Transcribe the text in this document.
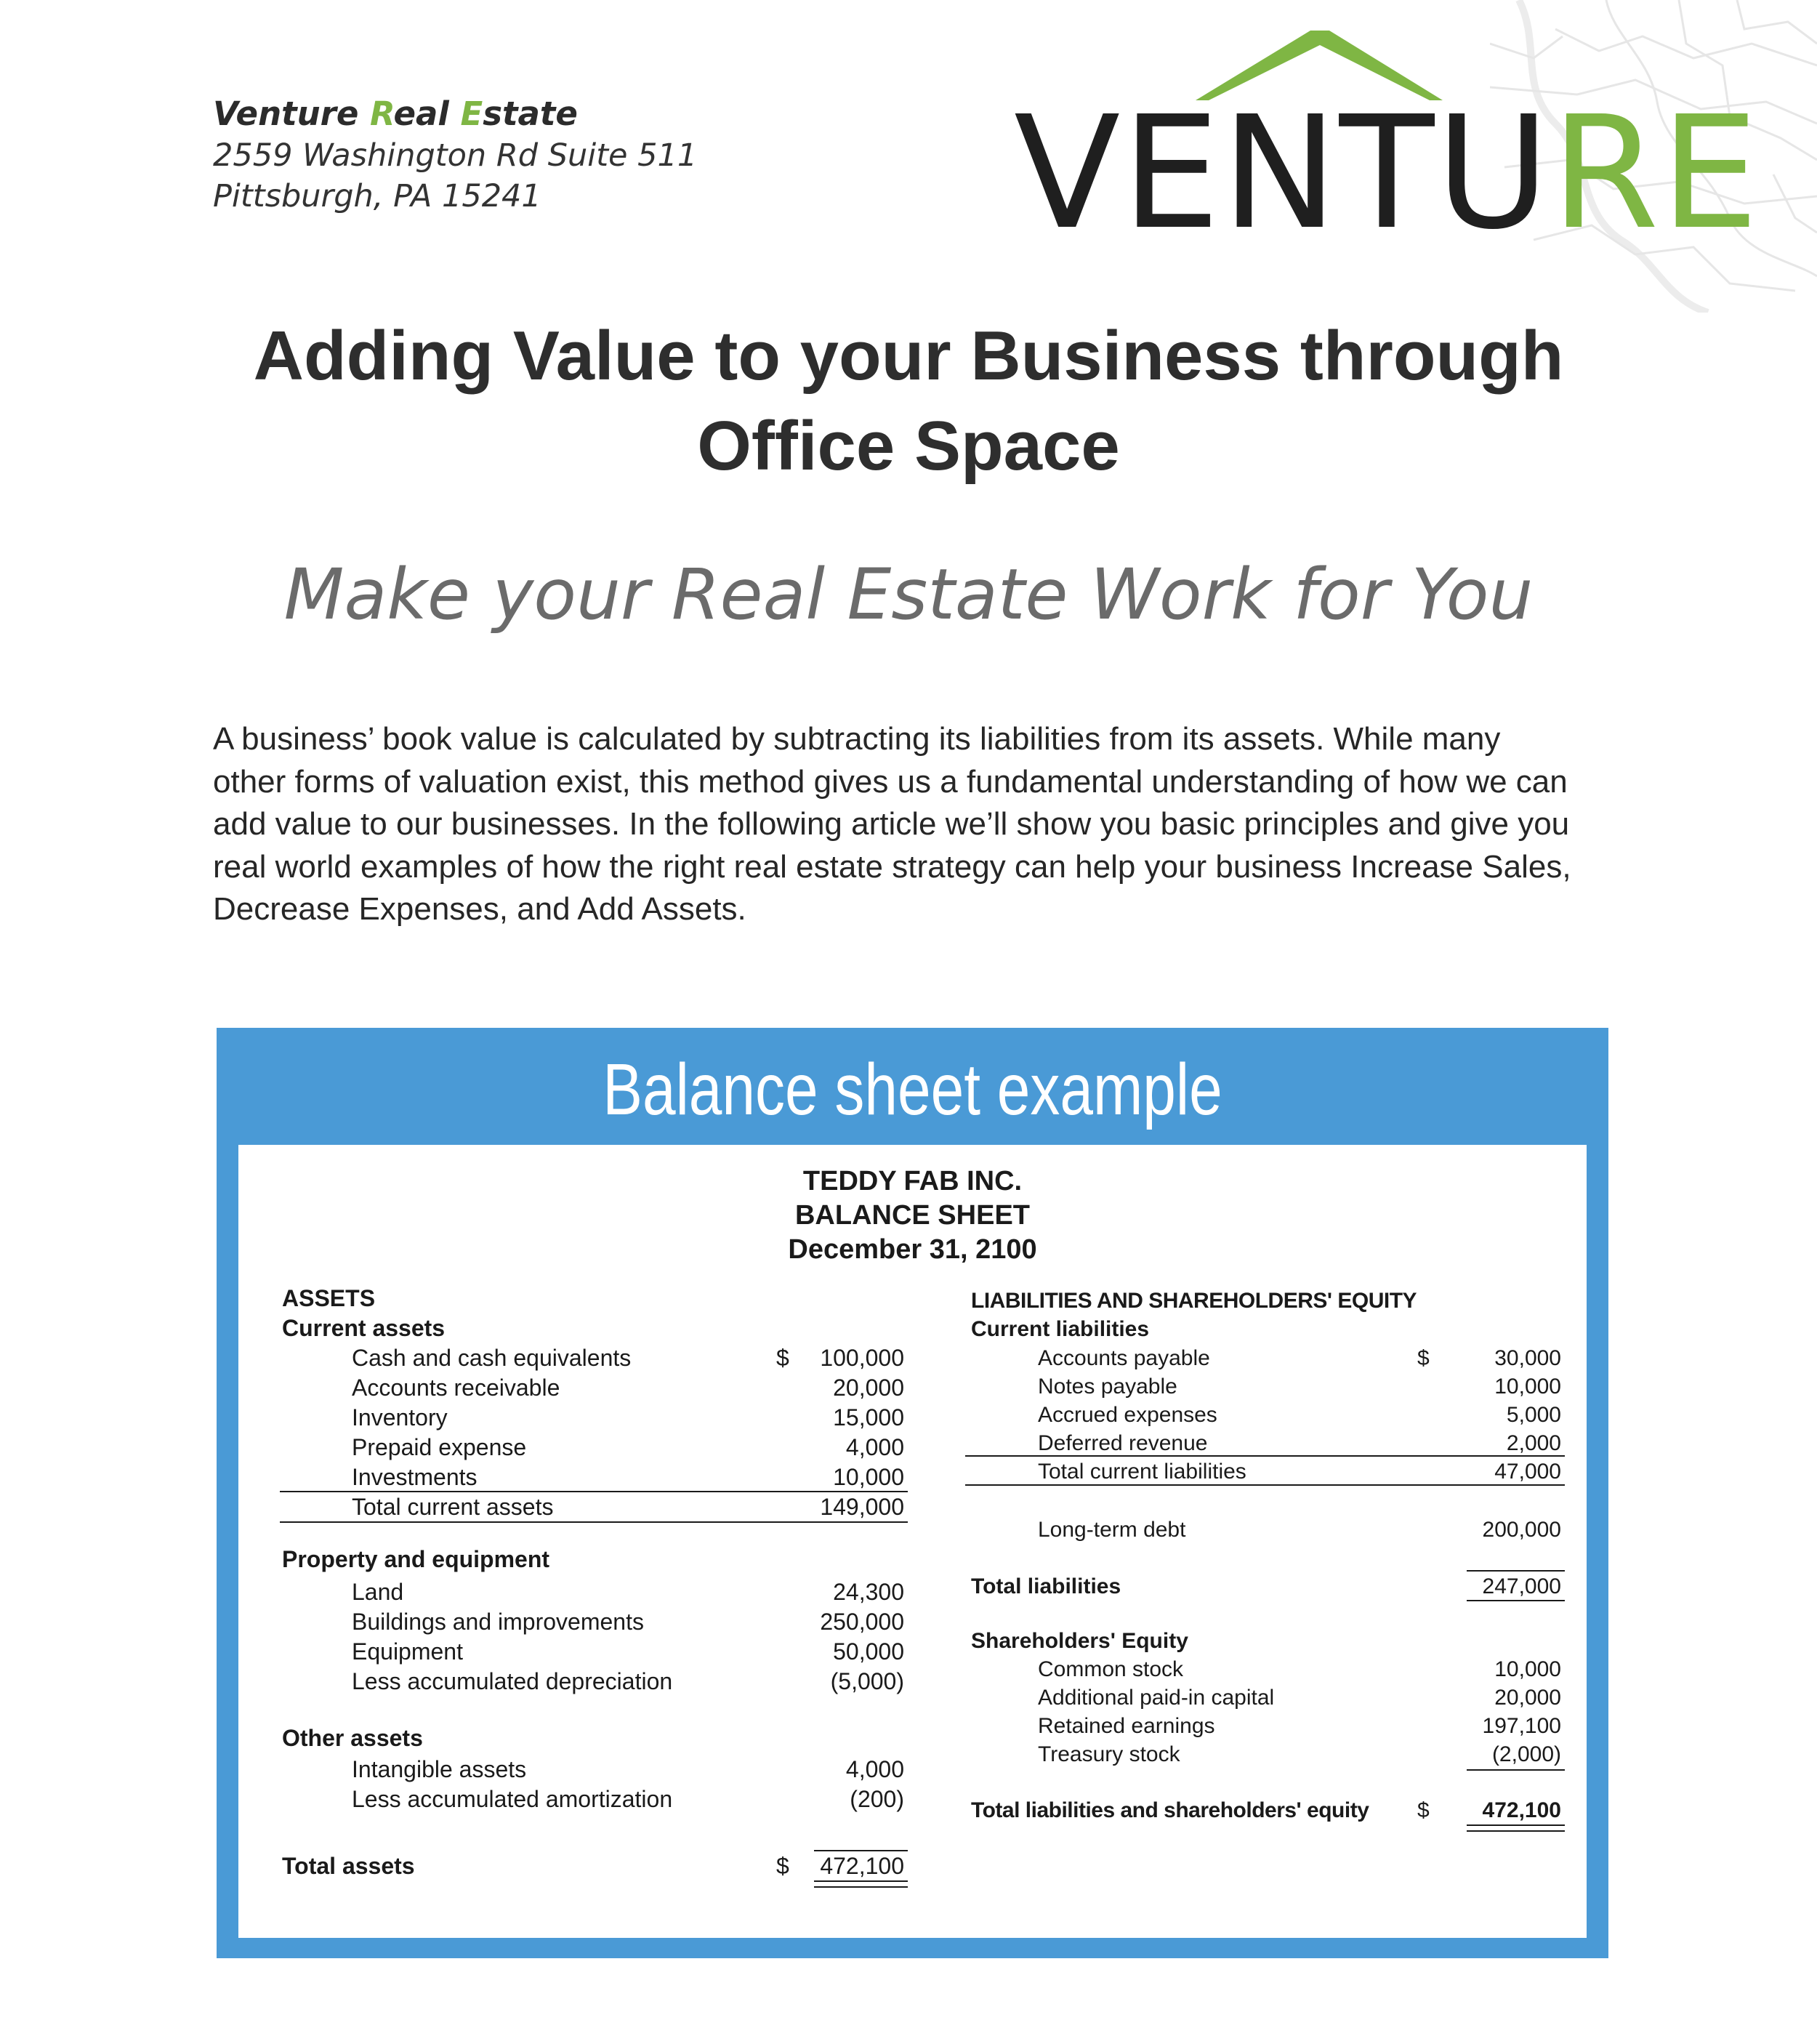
Venture Real Estate
2559 Washington Rd Suite 511
Pittsburgh, PA 15241	VENTURE
Adding Value to your Business through
Office Space
Make your Real Estate Work for You
A business’ book value is calculated by subtracting its liabilities from its assets. While many
other forms of valuation exist, this method gives us a fundamental understanding of how we can
add value to our businesses. In the following article we’ll show you basic principles and give you
real world examples of how the right real estate strategy can help your business Increase Sales,
Decrease Expenses, and Add Assets.
Balance sheet example
TEDDY FAB INC.
BALANCE SHEET
December 31, 2100
ASSETS
Current assets
Cash and cash equivalents	$	100,000
Accounts receivable	20,000
Inventory	15,000
Prepaid expense	4,000
Investments	10,000
Total current assets	149,000
Property and equipment
Land	24,300
Buildings and improvements	250,000
Equipment	50,000
Less accumulated depreciation	(5,000)
Other assets
Intangible assets	4,000
Less accumulated amortization	(200)
Total assets	$	472,100
LIABILITIES AND SHAREHOLDERS' EQUITY
Current liabilities
Accounts payable	$	30,000
Notes payable	10,000
Accrued expenses	5,000
Deferred revenue	2,000
Total current liabilities	47,000
Long-term debt	200,000
Total liabilities	247,000
Shareholders' Equity
Common stock	10,000
Additional paid-in capital	20,000
Retained earnings	197,100
Treasury stock	(2,000)
Total liabilities and shareholders' equity $	472,100
